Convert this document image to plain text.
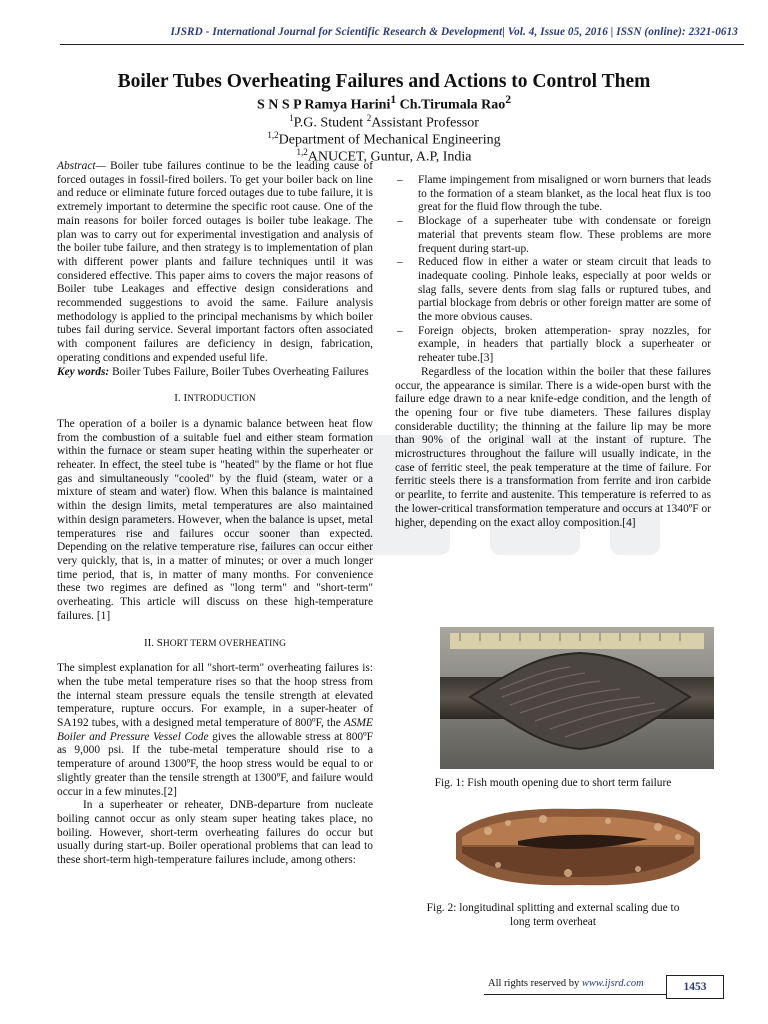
IJSRD - International Journal for Scientific Research & Development| Vol. 4, Issue 05, 2016 | ISSN (online): 2321-0613
Boiler Tubes Overheating Failures and Actions to Control Them
S N S P Ramya Harini$^1$ Ch.Tirumala Rao$^2$
$^1$P.G. Student $^2$Assistant Professor
$^{1,2}$Department of Mechanical Engineering
$^{1,2}$ANUCET, Guntur, A.P, India

Abstract— Boiler tube failures continue to be the leading cause of forced outages in fossil-fired boilers. To get your boiler back on line and reduce or eliminate future forced outages due to tube failure, it is extremely important to determine the specific root cause. One of the main reasons for boiler forced outages is boiler tube leakage. The plan was to carry out for experimental investigation and analysis of the boiler tube failure, and then strategy is to implementation of plan with different power plants and failure techniques until it was considered effective. This paper aims to covers the major reasons of Boiler tube Leakages and effective design considerations and recommended suggestions to avoid the same. Failure analysis methodology is applied to the principal mechanisms by which boiler tubes fail during service. Several important factors often associated with component failures are deficiency in design, fabrication, operating conditions and expended useful life.

Key words: Boiler Tubes Failure, Boiler Tubes Overheating Failures

I. INTRODUCTION

The operation of a boiler is a dynamic balance between heat flow from the combustion of a suitable fuel and either steam formation within the furnace or steam super heating within the superheater or reheater. In effect, the steel tube is "heated" by the flame or hot flue gas and simultaneously "cooled" by the fluid (steam, water or a mixture of steam and water) flow. When this balance is maintained within the design limits, metal temperatures are also maintained within design parameters. However, when the balance is upset, metal temperatures rise and failures occur sooner than expected. Depending on the relative temperature rise, failures can occur either very quickly, that is, in a matter of minutes; or over a much longer time period, that is, in matter of many months. For convenience these two regimes are defined as "long term" and "short-term" overheating. This article will discuss on these high-temperature failures. [1]

II. SHORT TERM OVERHEATING

The simplest explanation for all "short-term" overheating failures is: when the tube metal temperature rises so that the hoop stress from the internal steam pressure equals the tensile strength at elevated temperature, rupture occurs. For example, in a super-heater of SA192 tubes, with a designed metal temperature of 800ºF, the ASME Boiler and Pressure Vessel Code gives the allowable stress at 800ºF as 9,000 psi. If the tube-metal temperature should rise to a temperature of around 1300ºF, the hoop stress would be equal to or slightly greater than the tensile strength at 1300ºF, and failure would occur in a few minutes.[2]

In a superheater or reheater, DNB-departure from nucleate boiling cannot occur as only steam super heating takes place, no boiling. However, short-term overheating failures do occur but usually during start-up. Boiler operational problems that can lead to these short-term high-temperature failures include, among others:

– Flame impingement from misaligned or worn burners that leads to the formation of a steam blanket, as the local heat flux is too great for the fluid flow through the tube.
– Blockage of a superheater tube with condensate or foreign material that prevents steam flow. These problems are more frequent during start-up.
– Reduced flow in either a water or steam circuit that leads to inadequate cooling. Pinhole leaks, especially at poor welds or slag falls, severe dents from slag falls or ruptured tubes, and partial blockage from debris or other foreign matter are some of the more obvious causes.
– Foreign objects, broken attemperation- spray nozzles, for example, in headers that partially block a superheater or reheater tube.[3]

Regardless of the location within the boiler that these failures occur, the appearance is similar. There is a wide-open burst with the failure edge drawn to a near knife-edge condition, and the length of the opening four or five tube diameters. These failures display considerable ductility; the thinning at the failure lip may be more than 90% of the original wall at the instant of rupture. The microstructures throughout the failure will usually indicate, in the case of ferritic steel, the peak temperature at the time of failure. For ferritic steels there is a transformation from ferrite and iron carbide or pearlite, to ferrite and austenite. This temperature is referred to as the lower-critical transformation temperature and occurs at 1340ºF or higher, depending on the exact alloy composition.[4]

Fig. 1: Fish mouth opening due to short term failure
Fig. 2: longitudinal splitting and external scaling due to
long term overheat
All rights reserved by www.ijsrd.com	1453
